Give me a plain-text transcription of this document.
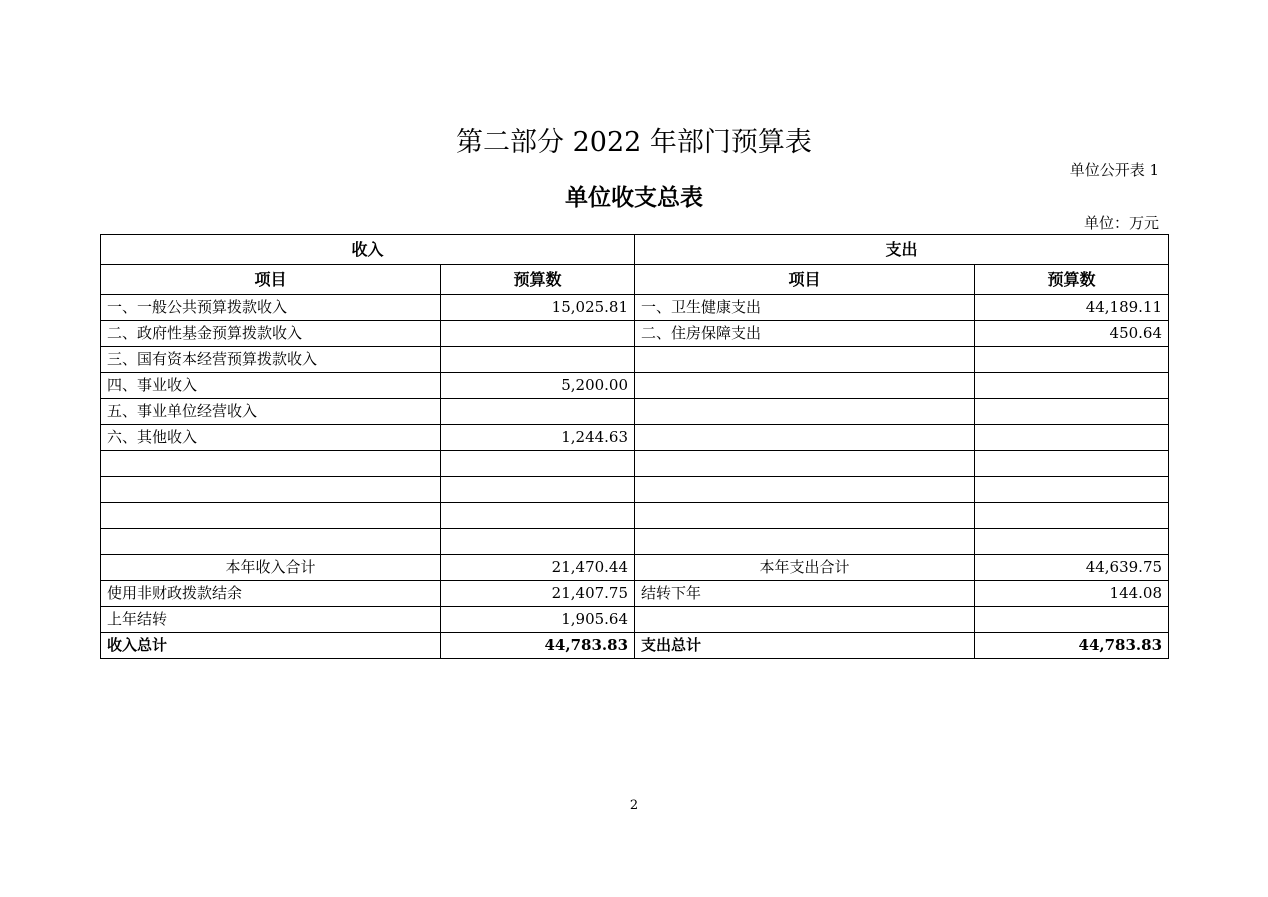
第二部分 2022 年部门预算表
单位公开表 1
单位收支总表
单位：万元
收入		支出	
项目	预算数	项目	预算数
一、一般公共预算拨款收入	15,025.81	一、卫生健康支出	44,189.11
二、政府性基金预算拨款收入		二、住房保障支出	450.64
三、国有资本经营预算拨款收入			
四、事业收入	5,200.00		
五、事业单位经营收入			
六、其他收入	1,244.63		

本年收入合计	21,470.44	本年支出合计	44,639.75
使用非财政拨款结余	21,407.75	结转下年	144.08
上年结转	1,905.64		
收入总计	44,783.83	支出总计	44,783.83
2
